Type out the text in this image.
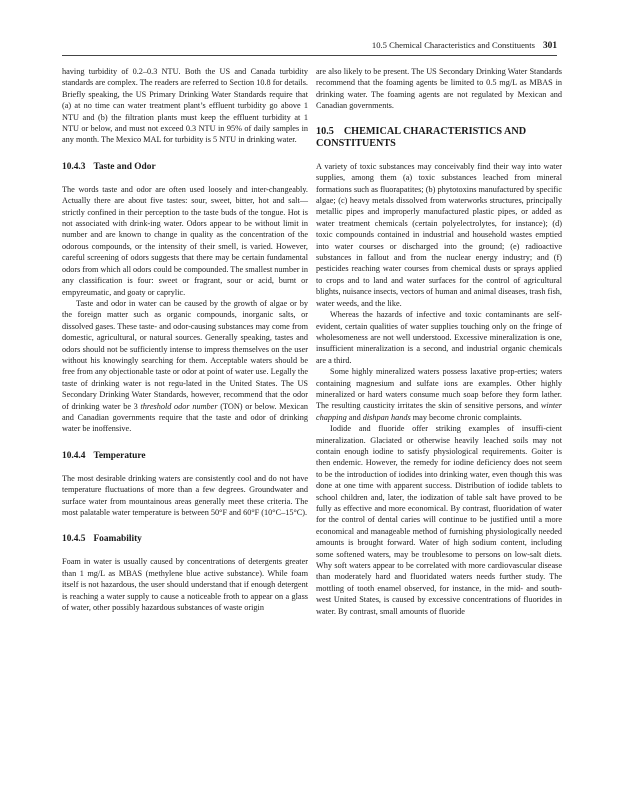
10.5 Chemical Characteristics and Constituents 301

having turbidity of 0.2–0.3 NTU. Both the US and Canada turbidity standards are complex. The readers are referred to Section 10.8 for details. Briefly speaking, the US Primary Drinking Water Standards require that (a) at no time can water treatment plant’s effluent turbidity go above 1 NTU and (b) the filtration plants must keep the effluent turbidity at 1 NTU or below, and must not exceed 0.3 NTU in 95% of daily samples in any month. The Mexico MAL for turbidity is 5 NTU in drinking water.

10.4.3 Taste and Odor

The words taste and odor are often used loosely and inter-changeably. Actually there are about five tastes: sour, sweet, bitter, hot and salt— strictly confined in their perception to the taste buds of the tongue. Hot is not associated with drink-ing water. Odors appear to be without limit in number and are known to change in quality as the concentration of the odorous compounds, or the intensity of their smell, is varied. However, careful screening of odors suggests that there may be certain fundamental odors from which all odors could be compounded. The smallest number in any classification is four: sweet or fragrant, sour or acid, burnt or empyreumatic, and goaty or caprylic.

Taste and odor in water can be caused by the growth of algae or by the foreign matter such as organic compounds, inorganic salts, or dissolved gases. These taste- and odor-causing substances may come from domestic, agricultural, or natural sources. Generally speaking, tastes and odors should not be sufficiently intense to impress themselves on the user without his knowingly searching for them. Acceptable waters should be free from any objectionable taste or odor at point of water use. Legally the taste of drinking water is not regu-lated in the United States. The US Secondary Drinking Water Standards, however, recommend that the odor of drinking water be 3 threshold odor number (TON) or below. Mexican and Canadian governments require that the taste and odor of drinking water be inoffensive.

10.4.4 Temperature

The most desirable drinking waters are consistently cool and do not have temperature fluctuations of more than a few degrees. Groundwater and surface water from mountainous areas generally meet these criteria. The most palatable water temperature is between 50°F and 60°F (10°C–15°C).

10.4.5 Foamability

Foam in water is usually caused by concentrations of detergents greater than 1 mg/L as MBAS (methylene blue active substance). While foam itself is not hazardous, the user should understand that if enough detergent is reaching a water supply to cause a noticeable froth to appear on a glass of water, other possibly hazardous substances of waste origin

are also likely to be present. The US Secondary Drinking Water Standards recommend that the foaming agents be limited to 0.5 mg/L as MBAS in drinking water. The foaming agents are not regulated by Mexican and Canadian governments.

10.5 CHEMICAL CHARACTERISTICS AND CONSTITUENTS

A variety of toxic substances may conceivably find their way into water supplies, among them (a) toxic substances leached from mineral formations such as fluorapatites; (b) phytotoxins manufactured by specific algae; (c) heavy metals dissolved from waterworks structures, principally metallic pipes and improperly manufactured plastic pipes, or added as water treatment chemicals (certain polyelectrolytes, for instance); (d) toxic compounds contained in industrial and household wastes emptied into water courses or discharged into the ground; (e) radioactive substances in fallout and from the nuclear energy industry; and (f) pesticides reaching water courses from chemical dusts or sprays applied to crops and to land and water surfaces for the control of agricultural blights, nuisance insects, vectors of human and animal diseases, trash fish, water weeds, and the like.

Whereas the hazards of infective and toxic contaminants are self-evident, certain qualities of water supplies touching only on the fringe of wholesomeness are not well understood. Excessive mineralization is one, insufficient mineralization is a second, and industrial organic chemicals are a third.

Some highly mineralized waters possess laxative prop-erties; waters containing magnesium and sulfate ions are examples. Other highly mineralized or hard waters consume much soap before they form lather. The resulting causticity irritates the skin of sensitive persons, and winter chapping and dishpan hands may become chronic complaints.

Iodide and fluoride offer striking examples of insuffi-cient mineralization. Glaciated or otherwise heavily leached soils may not contain enough iodine to satisfy physiological requirements. Goiter is then endemic. However, the remedy for iodine deficiency does not seem to be the introduction of iodides into drinking water, even though this was done at one time with apparent success. Distribution of iodide tablets to school children and, later, the iodization of table salt have proved to be fully as effective and more economical. By contrast, fluoridation of water for the control of dental caries will continue to be justified until a more economical and manageable method of furnishing physiologically needed amounts is brought forward. Water of high sodium content, including some softened waters, may be troublesome to persons on low-salt diets. Why soft waters appear to be correlated with more cardiovascular disease than moderately hard and fluoridated waters needs further study. The mottling of tooth enamel observed, for instance, in the mid- and south-west United States, is caused by excessive concentrations of fluorides in water. By contrast, small amounts of fluoride
